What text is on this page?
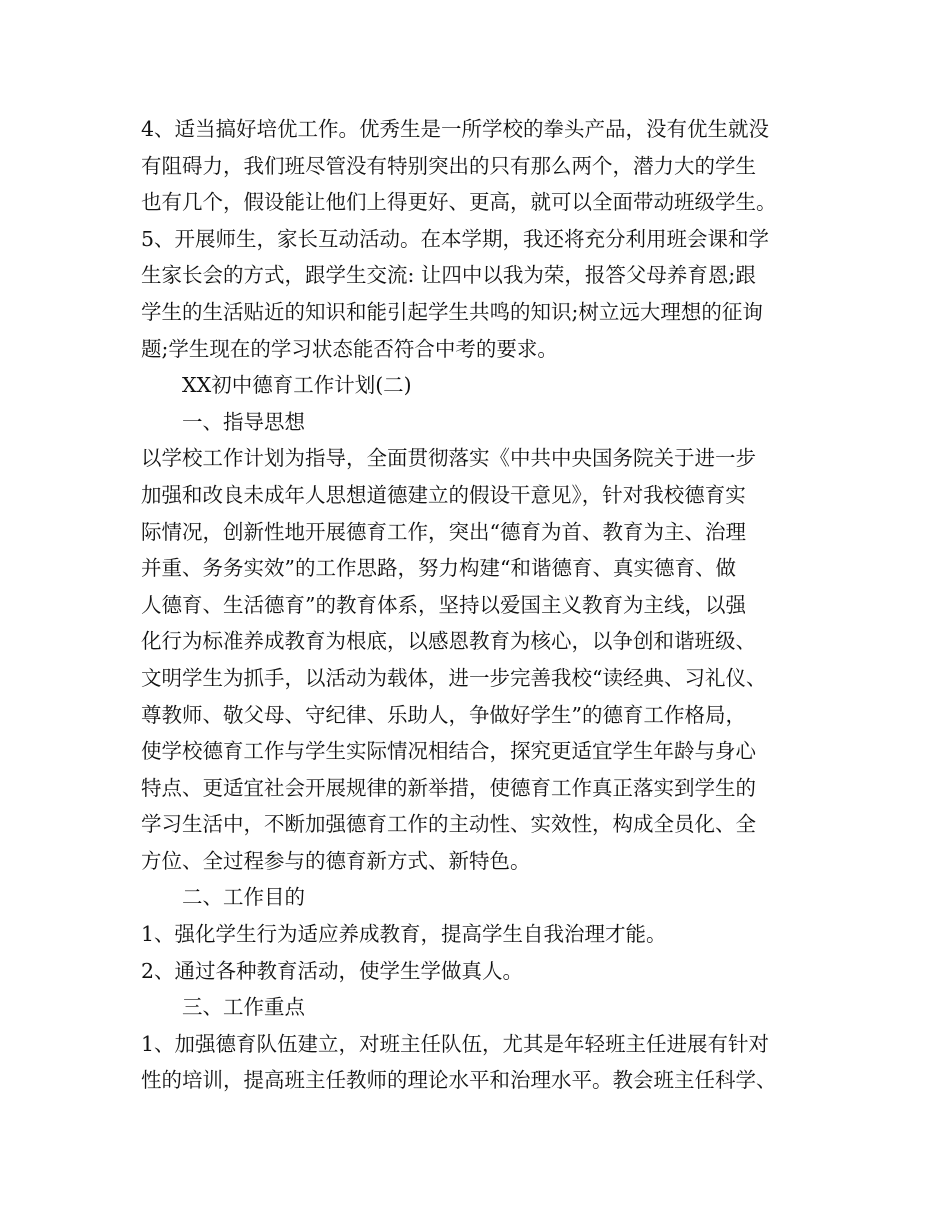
4、适当搞好培优工作。优秀生是一所学校的拳头产品，没有优生就没

有阻碍力，我们班尽管没有特别突出的只有那么两个，潜力大的学生

也有几个，假设能让他们上得更好、更高，就可以全面带动班级学生。

5、开展师生，家长互动活动。在本学期，我还将充分利用班会课和学

生家长会的方式，跟学生交流: 让四中以我为荣，报答父母养育恩;跟

学生的生活贴近的知识和能引起学生共鸣的知识;树立远大理想的征询

题;学生现在的学习状态能否符合中考的要求。

XX初中德育工作计划(二)

一、指导思想

以学校工作计划为指导，全面贯彻落实《中共中央国务院关于进一步

加强和改良未成年人思想道德建立的假设干意见》，针对我校德育实

际情况，创新性地开展德育工作，突出“德育为首、教育为主、治理

并重、务务实效”的工作思路，努力构建“和谐德育、真实德育、做

人德育、生活德育”的教育体系，坚持以爱国主义教育为主线，以强

化行为标准养成教育为根底，以感恩教育为核心，以争创和谐班级、

文明学生为抓手，以活动为载体，进一步完善我校“读经典、习礼仪、

尊教师、敬父母、守纪律、乐助人，争做好学生”的德育工作格局，

使学校德育工作与学生实际情况相结合，探究更适宜学生年龄与身心

特点、更适宜社会开展规律的新举措，使德育工作真正落实到学生的

学习生活中，不断加强德育工作的主动性、实效性，构成全员化、全

方位、全过程参与的德育新方式、新特色。

二、工作目的

1、强化学生行为适应养成教育，提高学生自我治理才能。

2、通过各种教育活动，使学生学做真人。

三、工作重点

1、加强德育队伍建立，对班主任队伍，尤其是年轻班主任进展有针对

性的培训，提高班主任教师的理论水平和治理水平。教会班主任科学、
